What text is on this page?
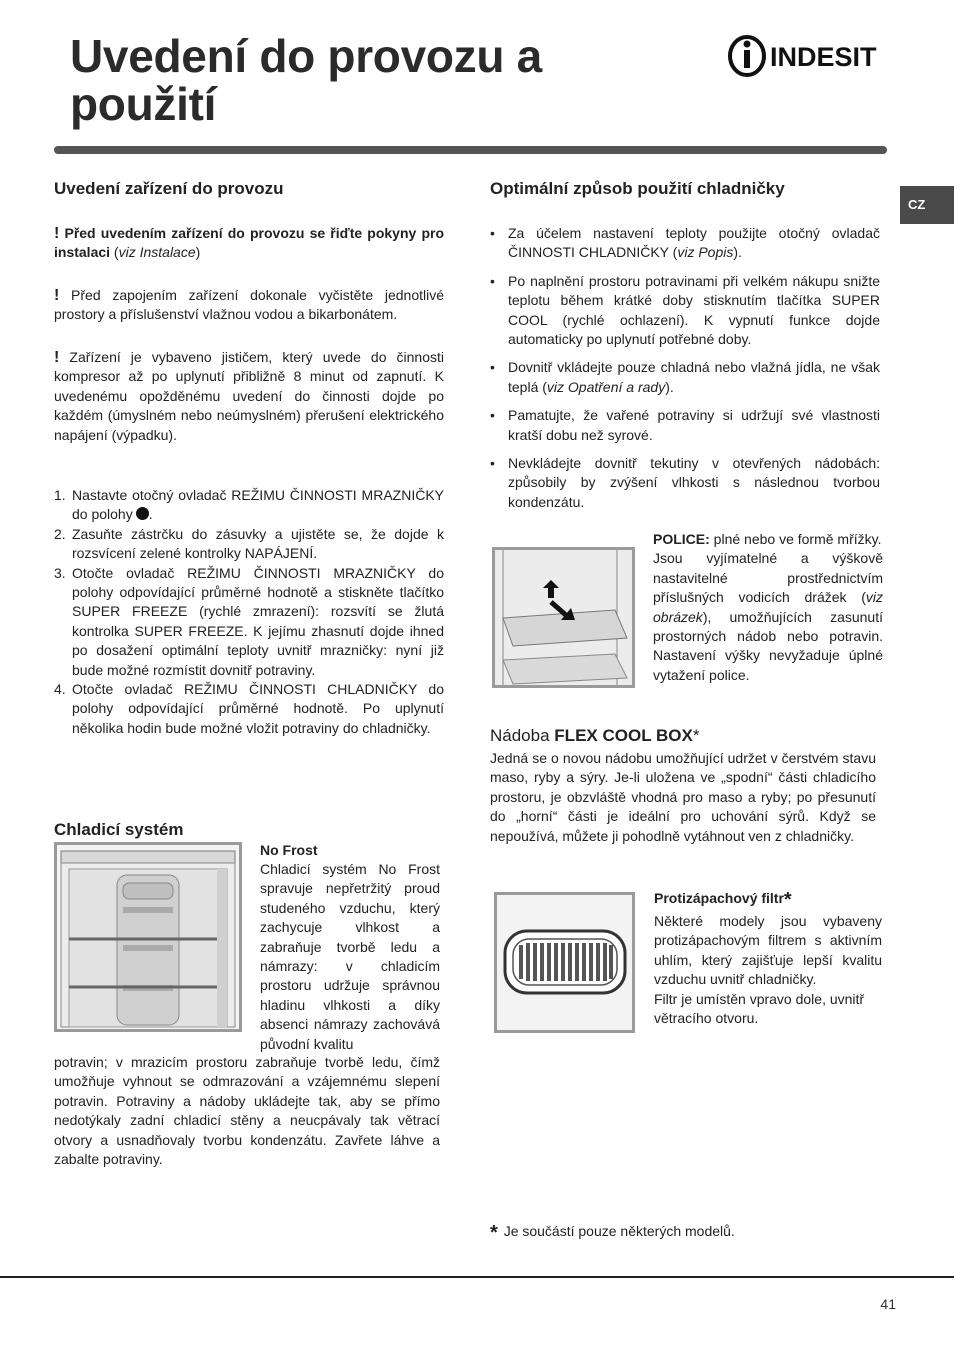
Uvedení do provozu a
použití
INDESIT
CZ
Uvedení zařízení do provozu

! Před uvedením zařízení do provozu se řiďte pokyny pro instalaci (viz Instalace)

! Před zapojením zařízení dokonale vyčistěte jednotlivé prostory a příslušenství vlažnou vodou a bikarbonátem.

! Zařízení je vybaveno jističem, který uvede do činnosti kompresor až po uplynutí přibližně 8 minut od zapnutí. K uvedenému opožděnému uvedení do činnosti dojde po každém (úmyslném nebo neúmyslném) přerušení elektrického napájení (výpadku).

1. Nastavte otočný ovladač REŽIMU ČINNOSTI MRAZNIČKY do polohy .
2. Zasuňte zástrčku do zásuvky a ujistěte se, že dojde k rozsvícení zelené kontrolky NAPÁJENÍ.
3. Otočte ovladač REŽIMU ČINNOSTI MRAZNIČKY do polohy odpovídající průměrné hodnotě a stiskněte tlačítko SUPER FREEZE (rychlé zmrazení): rozsvítí se žlutá kontrolka SUPER FREEZE. K jejímu zhasnutí dojde ihned po dosažení optimální teploty uvnitř mrazničky: nyní již bude možné rozmístit dovnitř potraviny.
4. Otočte ovladač REŽIMU ČINNOSTI CHLADNIČKY do polohy odpovídající průměrné hodnotě. Po uplynutí několika hodin bude možné vložit potraviny do chladničky.
Chladicí systém
No Frost
Chladicí systém No Frost spravuje nepřetržitý proud studeného vzduchu, který zachycuje vlhkost a zabraňuje tvorbě ledu a námrazy: v chladicím prostoru udržuje správnou hladinu vlhkosti a díky absenci námrazy zachovává původní kvalitu
potravin; v mrazicím prostoru zabraňuje tvorbě ledu, čímž umožňuje vyhnout se odmrazování a vzájemnému slepení potravin. Potraviny a nádoby ukládejte tak, aby se přímo nedotýkaly zadní chladicí stěny a neucpávaly tak větrací otvory a usnadňovaly tvorbu kondenzátu. Zavřete láhve a zabalte potraviny.
Optimální způsob použití chladničky
• Za účelem nastavení teploty použijte otočný ovladač ČINNOSTI CHLADNIČKY (viz Popis).
• Po naplnění prostoru potravinami při velkém nákupu snižte teplotu během krátké doby stisknutím tlačítka SUPER COOL (rychlé ochlazení). K vypnutí funkce dojde automaticky po uplynutí potřebné doby.
• Dovnitř vkládejte pouze chladná nebo vlažná jídla, ne však teplá (viz Opatření a rady).
• Pamatujte, že vařené potraviny si udržují své vlastnosti kratší dobu než syrové.
• Nevkládejte dovnitř tekutiny v otevřených nádobách: způsobily by zvýšení vlhkosti s následnou tvorbou kondenzátu.

POLICE: plné nebo ve formě mřížky.

Jsou vyjímatelné a výškově nastavitelné prostřednictvím příslušných vodicích drážek (viz obrázek), umožňujících zasunutí prostorných nádob nebo potravin. Nastavení výšky nevyžaduje úplné vytažení police.

Nádoba FLEX COOL BOX*
Jedná se o novou nádobu umožňující udržet v čerstvém stavu maso, ryby a sýry. Je-li uložena ve „spodní“ části chladicího prostoru, je obzvláště vhodná pro maso a ryby; po přesunutí do „horní“ části je ideální pro uchování sýrů. Když se nepoužívá, můžete ji pohodlně vytáhnout ven z chladničky.
Protizápachový filtr*

Některé modely jsou vybaveny protizápachovým filtrem s aktivním uhlím, který zajišťuje lepší kvalitu vzduchu uvnitř chladničky.

Filtr je umístěn vpravo dole, uvnitř větracího otvoru.

* Je součástí pouze některých modelů.
41
